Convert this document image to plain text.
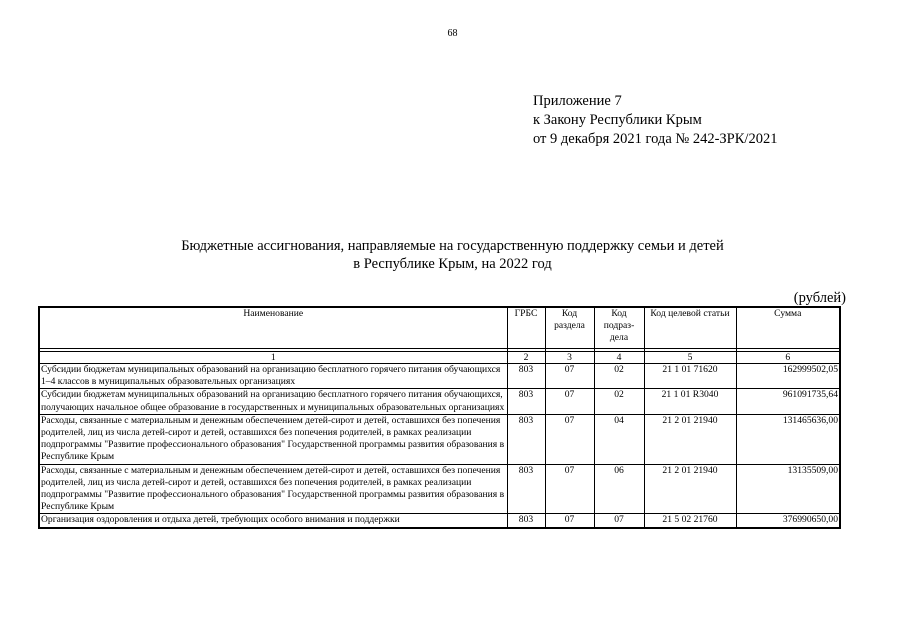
68
Приложение 7
к Закону Республики Крым
от 9 декабря 2021 года № 242-ЗРК/2021
Бюджетные ассигнования, направляемые на государственную поддержку семьи и детей
в Республике Крым, на 2022 год
(рублей)
Наименование	ГРБС	Код раздела	Код подраз-дела	Код целевой статьи	Сумма

1	2	3	4	5	6
Субсидии бюджетам муниципальных образований на организацию бесплатного горячего питания обучающихся 1–4 классов в муниципальных образовательных организациях	803	07	02	21 1 01 71620	162999502,05
Субсидии бюджетам муниципальных образований на организацию бесплатного горячего питания обучающихся, получающих начальное общее образование в государственных и муниципальных образовательных организациях	803	07	02	21 1 01 R3040	961091735,64
Расходы, связанные с материальным и денежным обеспечением детей-сирот и детей, оставшихся без попечения родителей, лиц из числа детей-сирот и детей, оставшихся без попечения родителей, в рамках реализации подпрограммы "Развитие профессионального образования" Государственной программы развития образования в Республике Крым	803	07	04	21 2 01 21940	131465636,00
Расходы, связанные с материальным и денежным обеспечением детей-сирот и детей, оставшихся без попечения родителей, лиц из числа детей-сирот и детей, оставшихся без попечения родителей, в рамках реализации подпрограммы "Развитие профессионального образования" Государственной программы развития образования в Республике Крым	803	07	06	21 2 01 21940	13135509,00
Организация оздоровления и отдыха детей, требующих особого внимания и поддержки	803	07	07	21 5 02 21760	376990650,00
